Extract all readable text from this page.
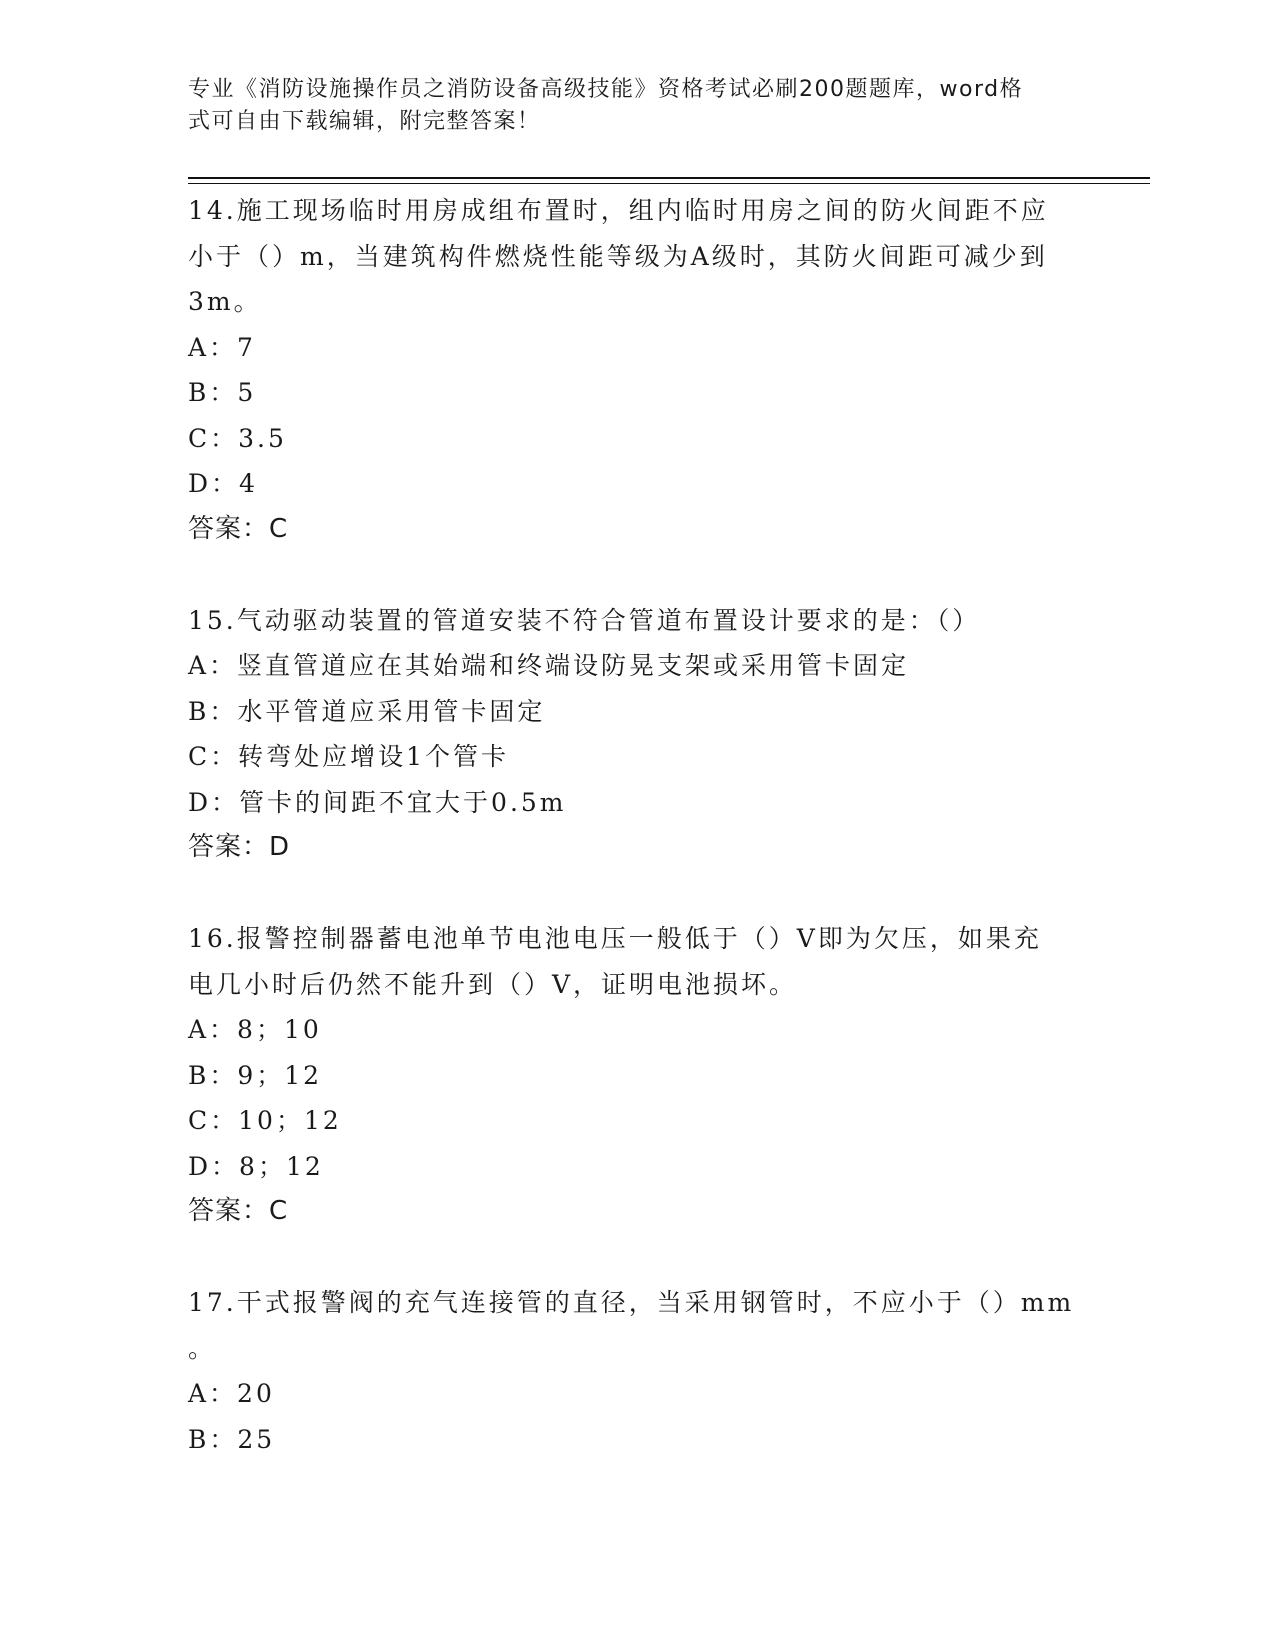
专业《消防设施操作员之消防设备高级技能》资格考试必刷200题题库，word格
式可自由下载编辑，附完整答案！
14.施工现场临时用房成组布置时，组内临时用房之间的防火间距不应
小于（）m，当建筑构件燃烧性能等级为A级时，其防火间距可减少到
3m。
A：7
B：5
C：3.5
D：4
答案：C
15.气动驱动装置的管道安装不符合管道布置设计要求的是：（）
A：竖直管道应在其始端和终端设防晃支架或采用管卡固定
B：水平管道应采用管卡固定
C：转弯处应增设1个管卡
D：管卡的间距不宜大于0.5m
答案：D
16.报警控制器蓄电池单节电池电压一般低于（）V即为欠压，如果充
电几小时后仍然不能升到（）V，证明电池损坏。
A：8；10
B：9；12
C：10；12
D：8；12
答案：C
17.干式报警阀的充气连接管的直径，当采用钢管时，不应小于（）mm
。
A：20
B：25
